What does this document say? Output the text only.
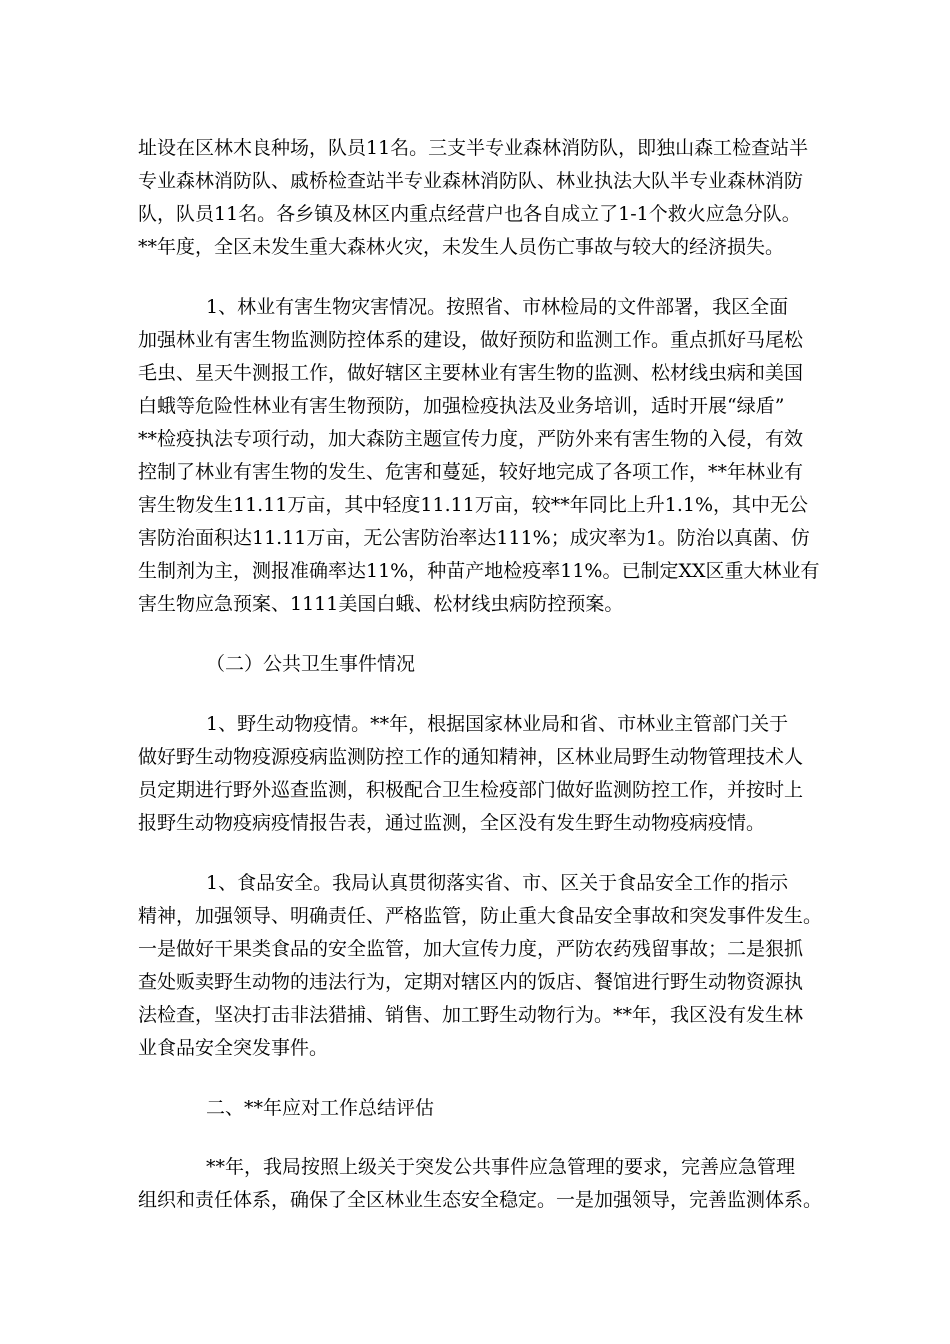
址设在区林木良种场，队员11名。三支半专业森林消防队，即独山森工检查站半
专业森林消防队、戚桥检查站半专业森林消防队、林业执法大队半专业森林消防
队，队员11名。各乡镇及林区内重点经营户也各自成立了1-1个救火应急分队。
**年度，全区未发生重大森林火灾，未发生人员伤亡事故与较大的经济损失。
1、林业有害生物灾害情况。按照省、市林检局的文件部署，我区全面
加强林业有害生物监测防控体系的建设，做好预防和监测工作。重点抓好马尾松
毛虫、星天牛测报工作，做好辖区主要林业有害生物的监测、松材线虫病和美国
白蛾等危险性林业有害生物预防，加强检疫执法及业务培训，适时开展“绿盾”
**检疫执法专项行动，加大森防主题宣传力度，严防外来有害生物的入侵，有效
控制了林业有害生物的发生、危害和蔓延，较好地完成了各项工作，**年林业有
害生物发生11.11万亩，其中轻度11.11万亩，较**年同比上升1.1%，其中无公
害防治面积达11.11万亩，无公害防治率达111%；成灾率为1。防治以真菌、仿
生制剂为主，测报准确率达11%，种苗产地检疫率11%。已制定XX区重大林业有
害生物应急预案、1111美国白蛾、松材线虫病防控预案。
（二）公共卫生事件情况
1、野生动物疫情。**年，根据国家林业局和省、市林业主管部门关于
做好野生动物疫源疫病监测防控工作的通知精神，区林业局野生动物管理技术人
员定期进行野外巡查监测，积极配合卫生检疫部门做好监测防控工作，并按时上
报野生动物疫病疫情报告表，通过监测，全区没有发生野生动物疫病疫情。
1、食品安全。我局认真贯彻落实省、市、区关于食品安全工作的指示
精神，加强领导、明确责任、严格监管，防止重大食品安全事故和突发事件发生。
一是做好干果类食品的安全监管，加大宣传力度，严防农药残留事故；二是狠抓
查处贩卖野生动物的违法行为，定期对辖区内的饭店、餐馆进行野生动物资源执
法检查，坚决打击非法猎捕、销售、加工野生动物行为。**年，我区没有发生林
业食品安全突发事件。
二、**年应对工作总结评估
**年，我局按照上级关于突发公共事件应急管理的要求，完善应急管理
组织和责任体系，确保了全区林业生态安全稳定。一是加强领导，完善监测体系。
